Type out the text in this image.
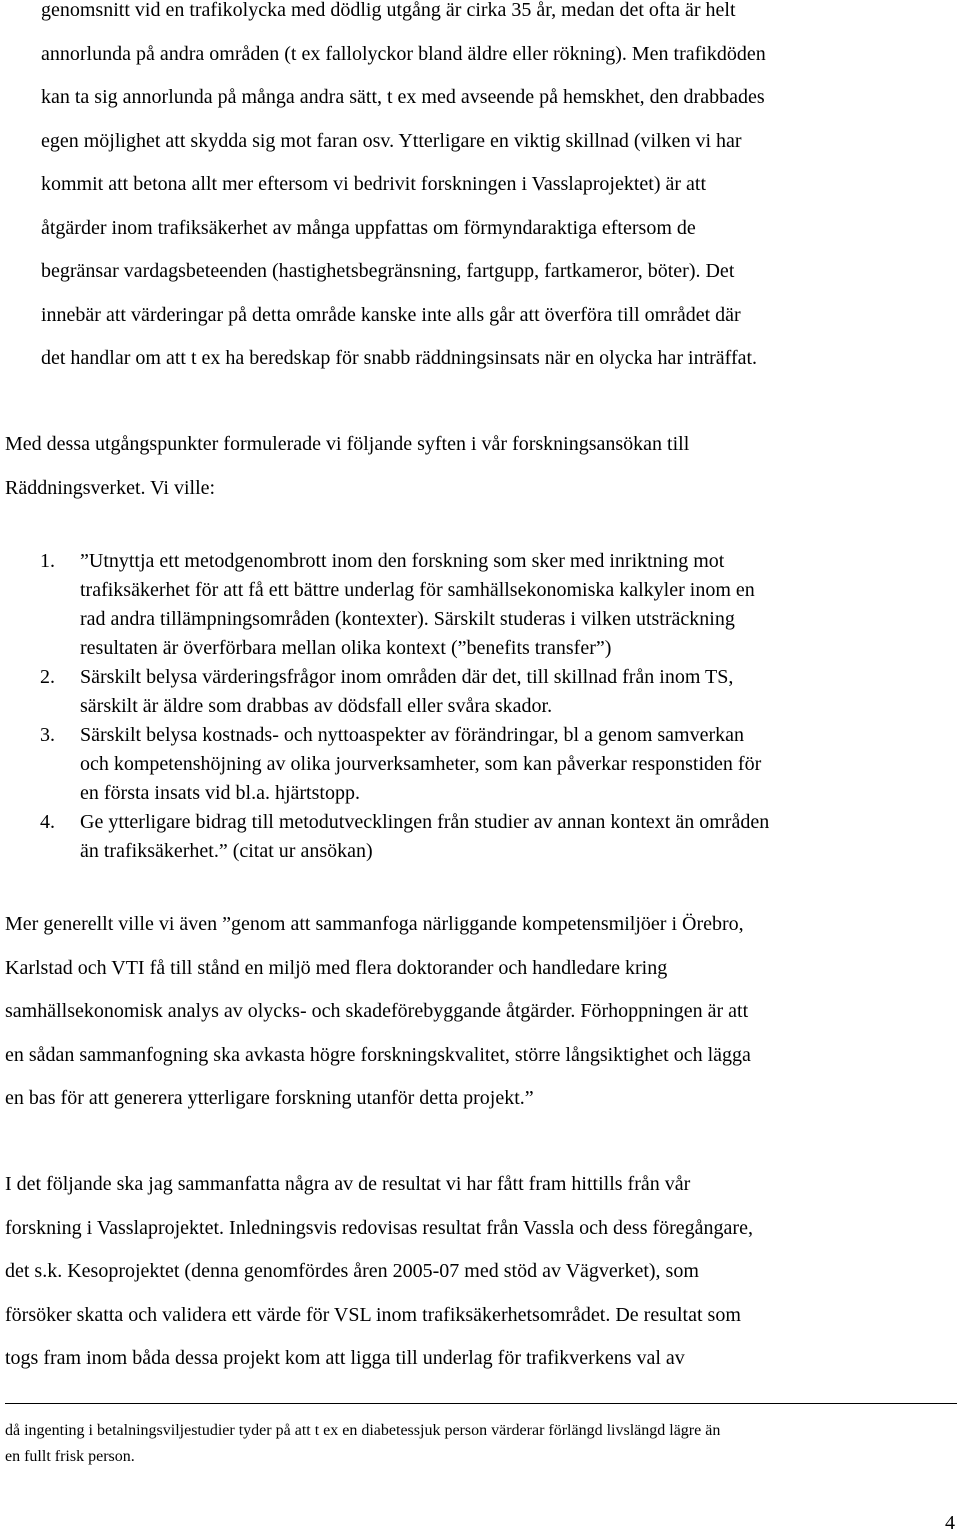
genomsnitt vid en trafikolycka med dödlig utgång är cirka 35 år, medan det ofta är helt
annorlunda på andra områden (t ex fallolyckor bland äldre eller rökning). Men trafikdöden
kan ta sig annorlunda på många andra sätt, t ex med avseende på hemskhet, den drabbades
egen möjlighet att skydda sig mot faran osv. Ytterligare en viktig skillnad (vilken vi har
kommit att betona allt mer eftersom vi bedrivit forskningen i Vasslaprojektet) är att
åtgärder inom trafiksäkerhet av många uppfattas om förmyndaraktiga eftersom de
begränsar vardagsbeteenden (hastighetsbegränsning, fartgupp, fartkameror, böter). Det
innebär att värderingar på detta område kanske inte alls går att överföra till området där
det handlar om att t ex ha beredskap för snabb räddningsinsats när en olycka har inträffat.

Med dessa utgångspunkter formulerade vi följande syften i vår forskningsansökan till
Räddningsverket. Vi ville:

1. ”Utnyttja ett metodgenombrott inom den forskning som sker med inriktning mot
trafiksäkerhet för att få ett bättre underlag för samhällsekonomiska kalkyler inom en
rad andra tillämpningsområden (kontexter). Särskilt studeras i vilken utsträckning
resultaten är överförbara mellan olika kontext (”benefits transfer”)
2. Särskilt belysa värderingsfrågor inom områden där det, till skillnad från inom TS,
särskilt är äldre som drabbas av dödsfall eller svåra skador.
3. Särskilt belysa kostnads- och nyttoaspekter av förändringar, bl a genom samverkan
och kompetenshöjning av olika jourverksamheter, som kan påverkar responstiden för
en första insats vid bl.a. hjärtstopp.
4. Ge ytterligare bidrag till metodutvecklingen från studier av annan kontext än områden
än trafiksäkerhet.” (citat ur ansökan)

Mer generellt ville vi även ”genom att sammanfoga närliggande kompetensmiljöer i Örebro,
Karlstad och VTI få till stånd en miljö med flera doktorander och handledare kring
samhällsekonomisk analys av olycks- och skadeförebyggande åtgärder. Förhoppningen är att
en sådan sammanfogning ska avkasta högre forskningskvalitet, större långsiktighet och lägga
en bas för att generera ytterligare forskning utanför detta projekt.”

I det följande ska jag sammanfatta några av de resultat vi har fått fram hittills från vår
forskning i Vasslaprojektet. Inledningsvis redovisas resultat från Vassla och dess föregångare,
det s.k. Kesoprojektet (denna genomfördes åren 2005-07 med stöd av Vägverket), som
försöker skatta och validera ett värde för VSL inom trafiksäkerhetsområdet. De resultat som
togs fram inom båda dessa projekt kom att ligga till underlag för trafikverkens val av

då ingenting i betalningsviljestudier tyder på att t ex en diabetessjuk person värderar förlängd livslängd lägre än
en fullt frisk person.
4
